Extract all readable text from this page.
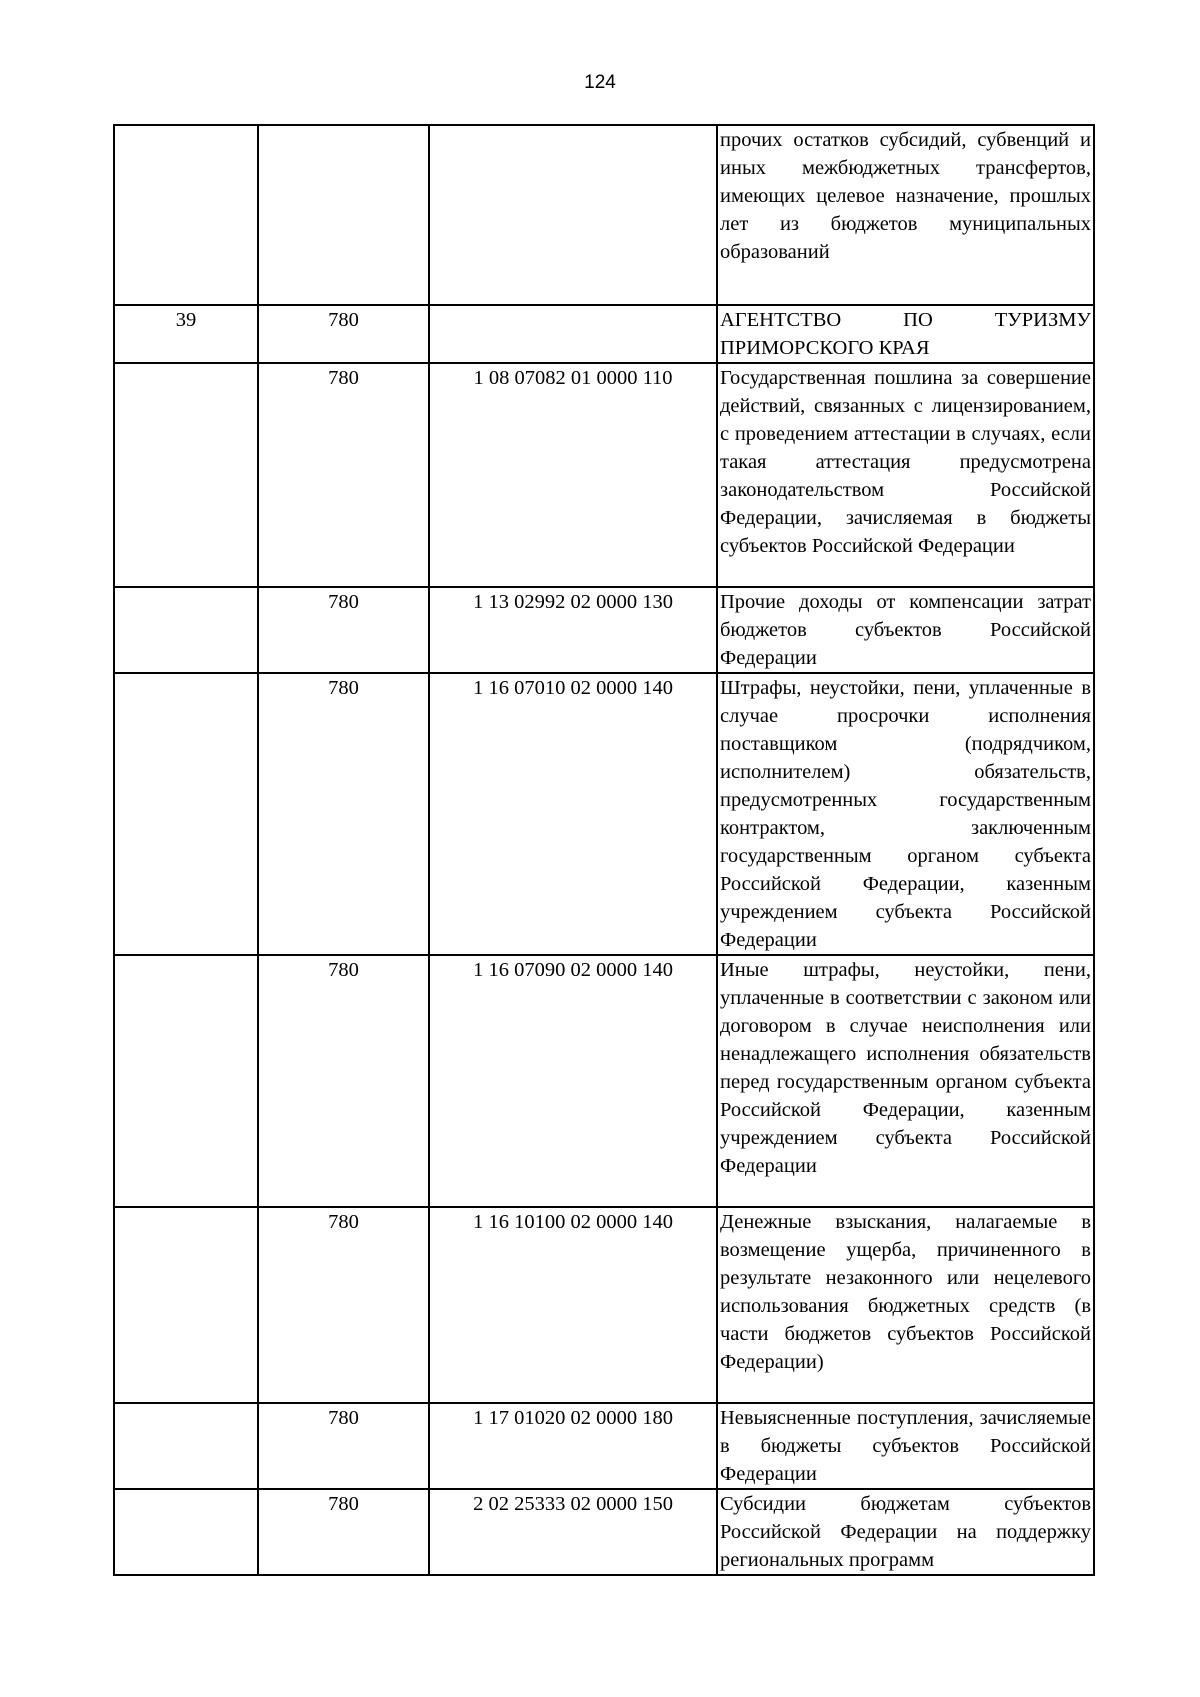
124
			прочих остатков субсидий, субвенций и иных межбюджетных трансфертов, имеющих целевое назначение, прошлых лет из бюджетов муниципальных образований
39	780		АГЕНТСТВО ПО ТУРИЗМУ ПРИМОРСКОГО КРАЯ
	780	1 08 07082 01 0000 110	Государственная пошлина за совершение действий, связанных с лицензированием, с проведением аттестации в случаях, если такая аттестация предусмотрена законодательством Российской Федерации, зачисляемая в бюджеты субъектов Российской Федерации
	780	1 13 02992 02 0000 130	Прочие доходы от компенсации затрат бюджетов субъектов Российской Федерации
	780	1 16 07010 02 0000 140	Штрафы, неустойки, пени, уплаченные в случае просрочки исполнения поставщиком (подрядчиком, исполнителем) обязательств, предусмотренных государственным контрактом, заключенным государственным органом субъекта Российской Федерации, казенным учреждением субъекта Российской Федерации
	780	1 16 07090 02 0000 140	Иные штрафы, неустойки, пени, уплаченные в соответствии с законом или договором в случае неисполнения или ненадлежащего исполнения обязательств перед государственным органом субъекта Российской Федерации, казенным учреждением субъекта Российской Федерации
	780	1 16 10100 02 0000 140	Денежные взыскания, налагаемые в возмещение ущерба, причиненного в результате незаконного или нецелевого использования бюджетных средств (в части бюджетов субъектов Российской Федерации)
	780	1 17 01020 02 0000 180	Невыясненные поступления, зачисляемые в бюджеты субъектов Российской Федерации
	780	2 02 25333 02 0000 150	Субсидии бюджетам субъектов Российской Федерации на поддержку региональных программ
